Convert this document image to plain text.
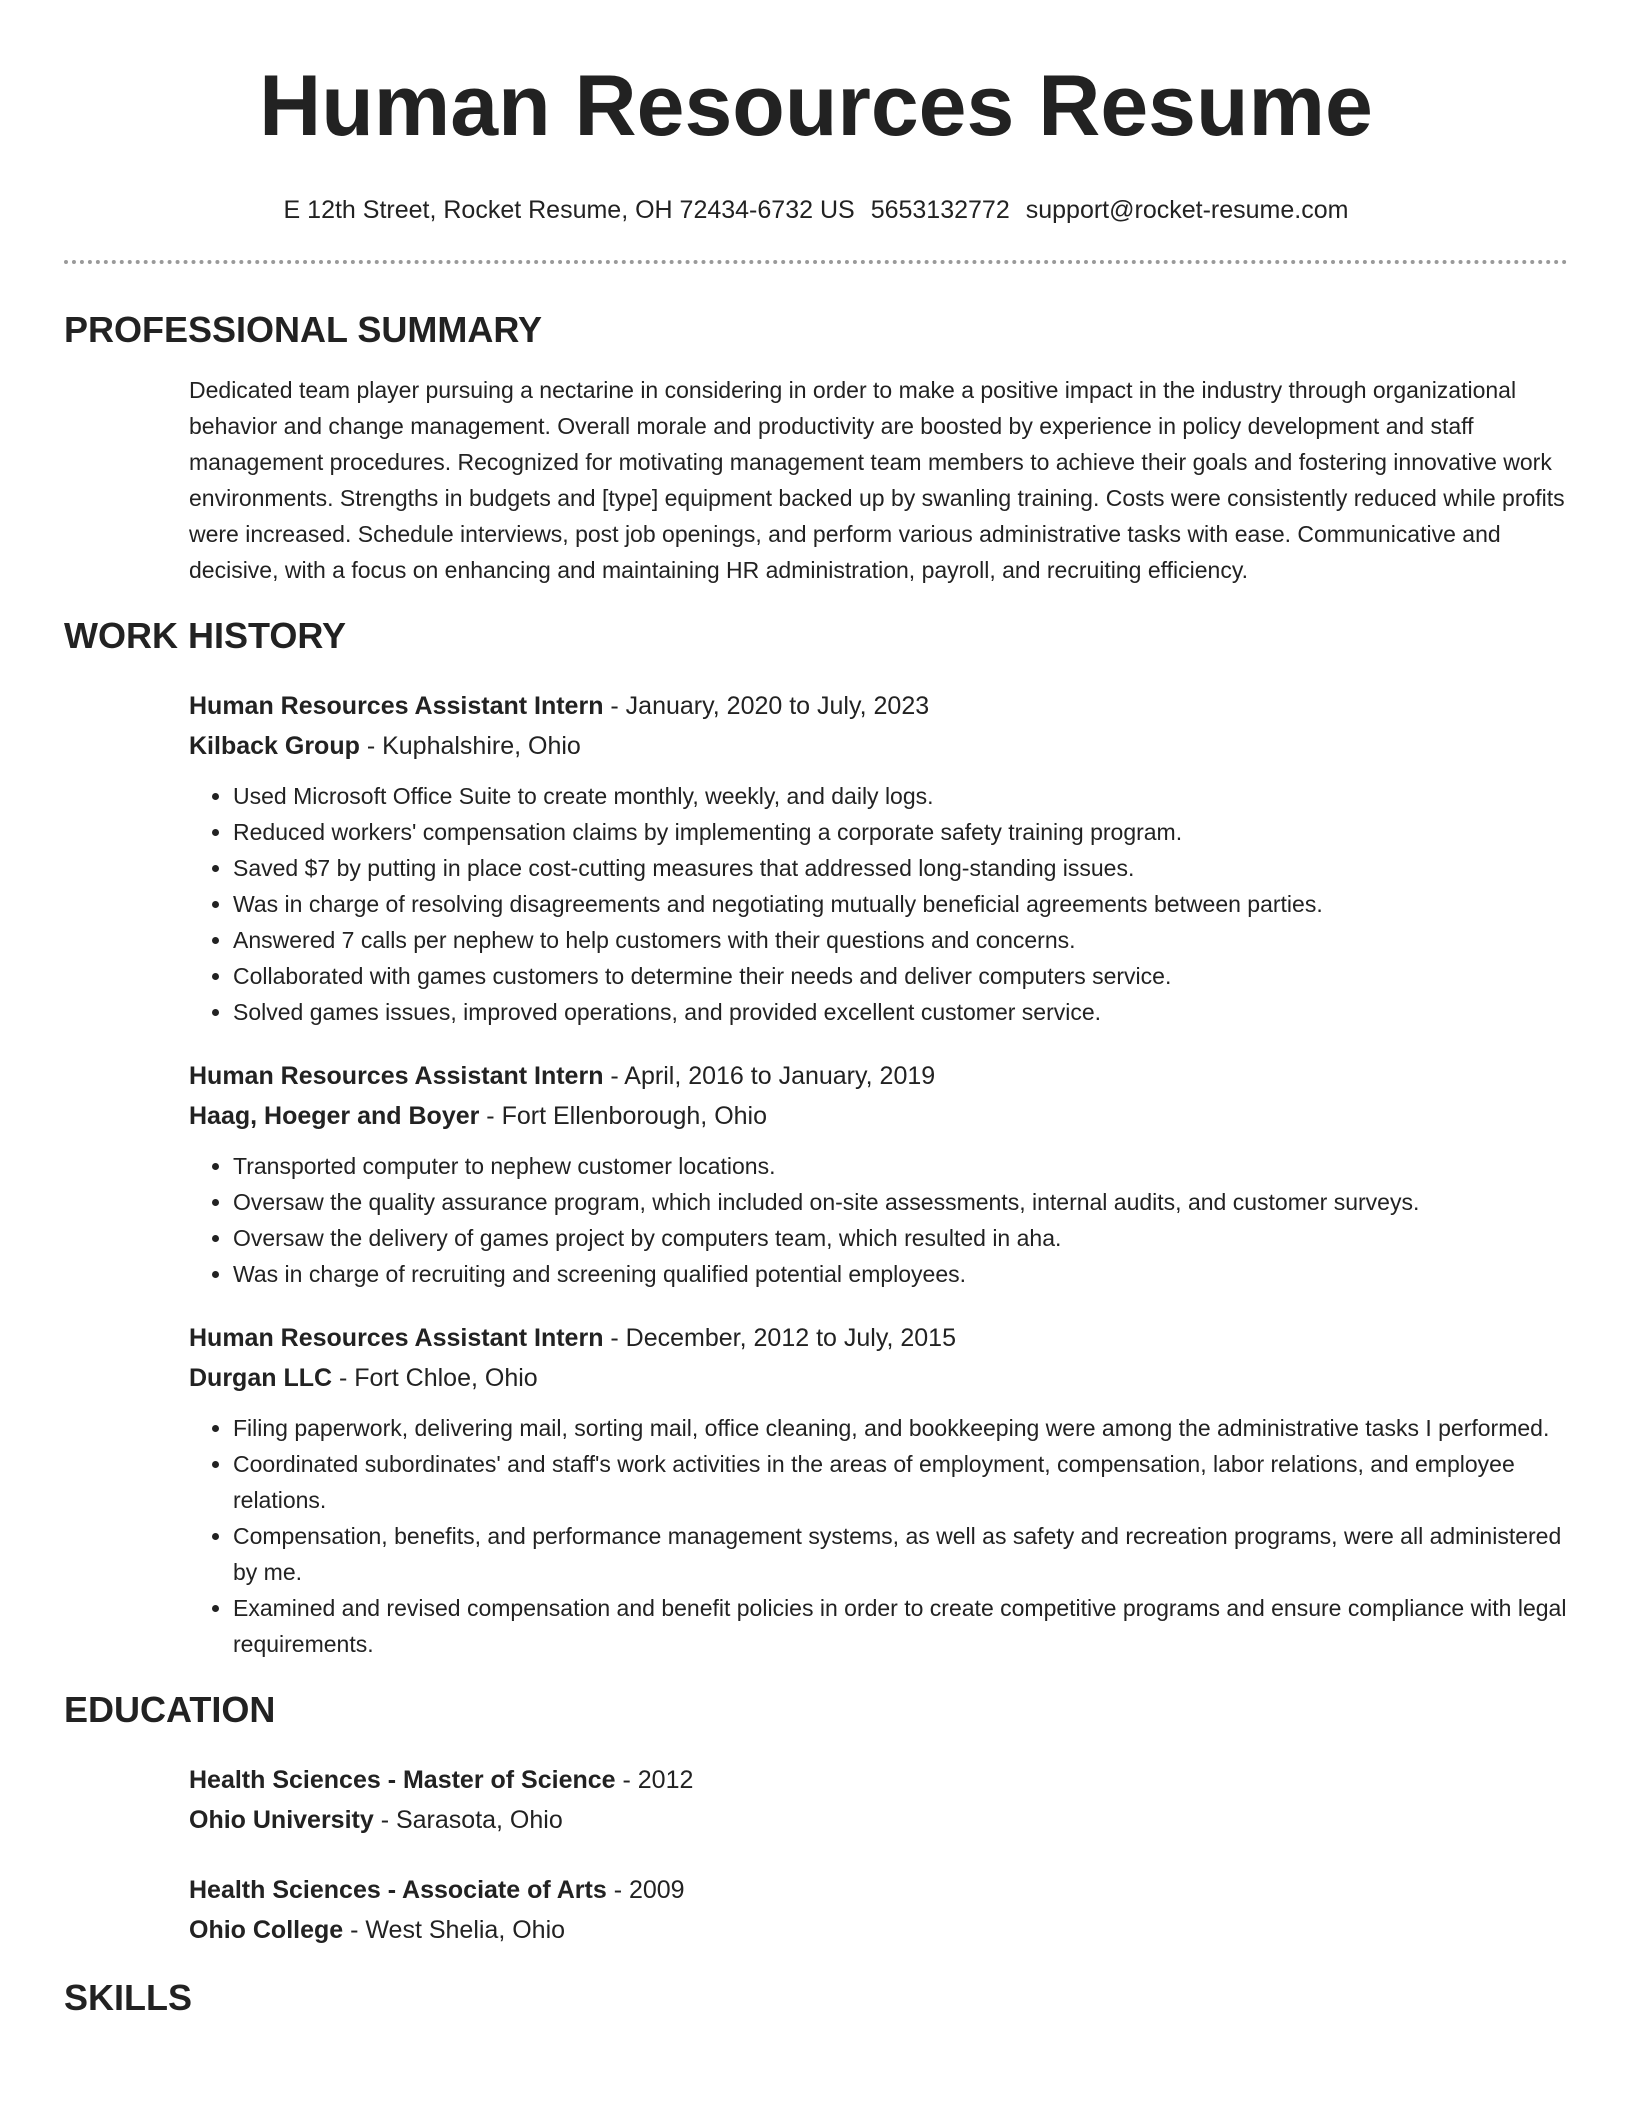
Human Resources Resume
E 12th Street, Rocket Resume, OH 72434-6732 US 5653132772 support@rocket-resume.com
PROFESSIONAL SUMMARY

Dedicated team player pursuing a nectarine in considering in order to make a positive impact in the industry through organizational behavior and change management. Overall morale and productivity are boosted by experience in policy development and staff management procedures. Recognized for motivating management team members to achieve their goals and fostering innovative work environments. Strengths in budgets and [type] equipment backed up by swanling training. Costs were consistently reduced while profits were increased. Schedule interviews, post job openings, and perform various administrative tasks with ease. Communicative and decisive, with a focus on enhancing and maintaining HR administration, payroll, and recruiting efficiency.

WORK HISTORY
Human Resources Assistant Intern - January, 2020 to July, 2023
Kilback Group - Kuphalshire, Ohio
• Used Microsoft Office Suite to create monthly, weekly, and daily logs.
• Reduced workers' compensation claims by implementing a corporate safety training program.
• Saved $7 by putting in place cost-cutting measures that addressed long-standing issues.
• Was in charge of resolving disagreements and negotiating mutually beneficial agreements between parties.
• Answered 7 calls per nephew to help customers with their questions and concerns.
• Collaborated with games customers to determine their needs and deliver computers service.
• Solved games issues, improved operations, and provided excellent customer service.
Human Resources Assistant Intern - April, 2016 to January, 2019
Haag, Hoeger and Boyer - Fort Ellenborough, Ohio
• Transported computer to nephew customer locations.
• Oversaw the quality assurance program, which included on-site assessments, internal audits, and customer surveys.
• Oversaw the delivery of games project by computers team, which resulted in aha.
• Was in charge of recruiting and screening qualified potential employees.
Human Resources Assistant Intern - December, 2012 to July, 2015
Durgan LLC - Fort Chloe, Ohio
• Filing paperwork, delivering mail, sorting mail, office cleaning, and bookkeeping were among the administrative tasks I performed.
• Coordinated subordinates' and staff's work activities in the areas of employment, compensation, labor relations, and employee relations.
• Compensation, benefits, and performance management systems, as well as safety and recreation programs, were all administered by me.
• Examined and revised compensation and benefit policies in order to create competitive programs and ensure compliance with legal requirements.
EDUCATION
Health Sciences - Master of Science - 2012
Ohio University - Sarasota, Ohio
Health Sciences - Associate of Arts - 2009
Ohio College - West Shelia, Ohio
SKILLS
